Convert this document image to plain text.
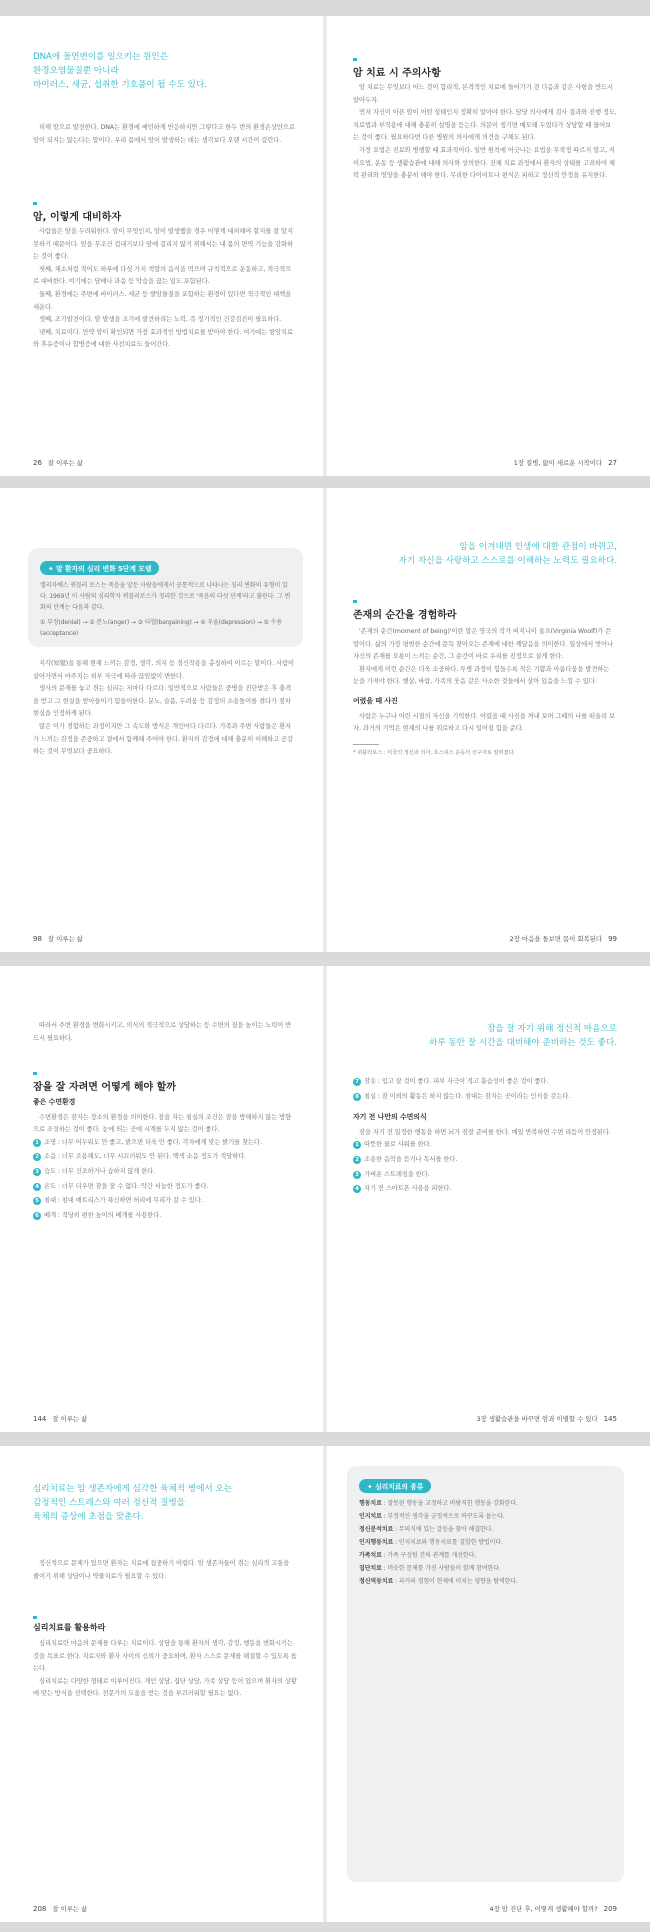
DNA에 돌연변이를 일으키는 원인은
환경오염물질뿐 아니라
바이러스, 세균, 섭취한 기호품이 될 수도 있다.

히해 암으로 발전한다. DNA는 환경에 예민하게 반응하지만 그렇다고 한두 번의 환경손상만으로 암이 되지는 않는다는 말이다. 우리 몸에서 암이 발생하는 데는 생각보다 오랜 시간이 걸린다.

암, 이렇게 대비하자

사람들은 암을 두려워한다. 암이 무엇인지, 암이 발생했을 경우 어떻게 대처해야 할지를 잘 알지 못하기 때문이다. 암을 무조건 겁내기보다 암에 걸리지 않기 위해서는 내 몸의 면역 기능을 강화하는 것이 좋다.

첫째, 채소처럼 적어도 하루에 다섯 가지 색깔의 음식을 먹으며 규칙적으로 운동하고, 적극적으로 대비한다. 여기에는 담배나 과음 등 악습을 끊는 일도 포함된다.

둘째, 환경에는 주변에 바이러스, 세균 등 발암물질을 포함하는 환경이 있다면 적극적인 대책을 세운다.

셋째, 조기발견이다. 암 발생을 조기에 발견하려는 노력, 즉 정기적인 건강검진이 필요하다.

넷째, 치료이다. 만약 암이 확인되면 가장 효과적인 방법치료를 받아야 한다. 여기에는 항암치료와 후유증이나 합병증에 대한 사전치료도 들어간다.

26 잘 이루는 삶
암 치료 시 주의사항

암 치료는 무엇보다 어느 것이 합리적, 본격적인 치료에 들어가기 전 다음과 같은 사항을 반드시 알아두자.

먼저 자신이 아픈 암이 어떤 상태인지 정확히 알아야 한다. 담당 의사에게 검사 결과와 진행 정도, 치료법과 부작용에 대해 충분히 설명을 듣는다. 의문이 생기면 메모해 두었다가 상담할 때 물어보는 것이 좋다. 필요하다면 다른 병원의 의사에게 의견을 구해도 된다.

가정 요법은 진료와 병행할 때 효과적이다. 일반 원칙에 어긋나는 요법을 무작정 따르지 말고, 식이요법, 운동 등 생활습관에 대해 의사와 상의한다. 전체 치료 과정에서 환자의 상태를 고려하여 체력 관리와 영양을 충분히 해야 한다. 무리한 다이어트나 편식은 피하고 정신적 안정을 유지한다.

1장 질병, 앎이 새로운 시작이다 27
✦ 말 환자의 심리 변화 5단계 모델
엘리자베스 퀴블러 로스는 죽음을 앞둔 사람들에게서 공통적으로 나타나는 심리 변화의 유형이 있다. 1969년 이 사람의 심리학자 퀴블러로스가 정리한 것으로 '죽음의 다섯 단계'라고 불린다. 그 변화의 단계는 다음과 같다.
① 부정(denial) → ② 분노(anger) → ③ 타협(bargaining) → ④ 우울(depression) → ⑤ 수용(acceptance)

지각(知覺)을 통해 현재 느끼는 감정, 생각, 의지 등 정신작용을 총칭하여 이르는 말이다. 사람이 살아가면서 마주치는 외부 자극에 따라 끊임없이 변한다.

생사의 문제를 놓고 겪는 심리는 저마다 다르다. 일반적으로 사람들은 중병을 진단받은 후 충격을 받고 그 현실을 받아들이기 힘들어한다. 분노, 슬픔, 두려움 등 감정의 소용돌이를 겪다가 점차 현실을 인정하게 된다.

많은 이가 경험하는 과정이지만 그 속도와 방식은 개인마다 다르다. 가족과 주변 사람들은 환자가 느끼는 감정을 존중하고 곁에서 함께해 주어야 한다. 환자의 감정에 대해 충분히 이해하고 공감하는 것이 무엇보다 중요하다.

98 잘 이루는 삶
암을 이겨내면 인생에 대한 관점이 바뀌고,
자기 자신을 사랑하고 스스로를 이해하는 노력도 필요하다.
존재의 순간을 경험하라

'존재의 순간(moment of being)'이란 말은 영국의 작가 버지니아 울프(Virginia Woolf)가 쓴 말이다. 삶의 가장 평범한 순간에 문득 찾아오는 존재에 대한 깨달음을 의미한다. 일상에서 벗어나 자신의 존재를 오롯이 느끼는 순간, 그 순간이 바로 우리를 진정으로 살게 한다.

환자에게 이런 순간은 더욱 소중하다. 투병 과정이 힘들수록 작은 기쁨과 아름다움을 발견하는 눈을 가져야 한다. 햇살, 바람, 가족의 웃음 같은 사소한 것들에서 살아 있음을 느낄 수 있다.

어렸을 때 사진

사람은 누구나 어린 시절의 자신을 기억한다. 어렸을 때 사진을 꺼내 보며 그때의 나를 떠올려 보자. 과거의 기억은 현재의 나를 위로하고 다시 일어설 힘을 준다.

* 퀴블러로스 : 미국의 정신과 의사. 호스피스 운동의 선구자로 알려졌다.
2장 마음을 돌보면 몸이 회복된다 99

따라서 주변 환경을 변화시키고, 의식의 적극적으로 상담하는 등 수면의 질을 높이는 노력이 반드시 필요하다.

잠을 잘 자려면 어떻게 해야 할까
좋은 수면환경

수면환경은 잠자는 장소의 환경을 의미한다. 잠을 자는 침실의 조건은 잠을 방해하지 않는 방향으로 조성하는 것이 좋다. 눈에 띄는 곳에 시계를 두지 않는 것이 좋다.

1 조명 : 너무 어두워도 안 좋고, 밝으면 더욱 안 좋다. 각자에게 맞는 밝기를 찾는다.
2 소음 : 너무 조용해도, 너무 시끄러워도 안 된다. 백색 소음 정도가 적당하다.
3 습도 : 너무 건조하거나 습하지 않게 한다.
4 온도 : 너무 더우면 잠을 잘 수 없다. 약간 서늘한 정도가 좋다.
5 침대 : 침대 매트리스가 푹신하면 허리에 무리가 갈 수 있다.
6 베개 : 적당히 편한 높이의 베개를 사용한다.
144 잘 이루는 삶
잠을 잘 자기 위해 정신적 마음으로
하루 동안 잘 시간을 대비해야 준비하는 것도 좋다.
7 잠옷 : 입고 잘 것이 좋다. 피부 자극이 적고 흡습성이 좋은 것이 좋다.
8 침실 : 잠 이외의 활동은 하지 않는다. 침대는 잠자는 곳이라는 인식을 갖는다.
자기 전 나만의 수면의식

잠을 자기 전 일정한 행동을 하면 뇌가 잠잘 준비를 한다. 매일 반복하면 수면 리듬이 안정된다.

1 따뜻한 물로 샤워를 한다.
2 조용한 음악을 듣거나 독서를 한다.
3 가벼운 스트레칭을 한다.
4 자기 전 스마트폰 사용을 피한다.
3장 생활습관을 바꾸면 암과 이별할 수 있다 145
심리치료는 암 생존자에게 심각한 육체적 병에서 오는
감정적인 스트레스와 여러 정신적 질병을
육체의 증상에 초점을 맞춘다.

정신적으로 문제가 있으면 환자는 치료에 집중하기 어렵다. 암 생존자들이 겪는 심리적 고통을 줄이기 위해 상담이나 약물치료가 필요할 수 있다.

심리치료를 활용하라

심리치료란 마음의 문제를 다루는 치료이다. 상담을 통해 환자의 생각, 감정, 행동을 변화시키는 것을 목표로 한다. 치료자와 환자 사이의 신뢰가 중요하며, 환자 스스로 문제를 해결할 수 있도록 돕는다.

심리치료는 다양한 형태로 이루어진다. 개인 상담, 집단 상담, 가족 상담 등이 있으며 환자의 상황에 맞는 방식을 선택한다. 전문가의 도움을 받는 것을 부끄러워할 필요는 없다.

208 잘 이루는 삶
✦ 심리치료의 종류
행동치료 : 잘못된 행동을 교정하고 바람직한 행동을 강화한다.
인지치료 : 부정적인 생각을 긍정적으로 바꾸도록 돕는다.
정신분석치료 : 무의식에 있는 갈등을 찾아 해결한다.
인지행동치료 : 인지치료와 행동치료를 결합한 방법이다.
가족치료 : 가족 구성원 간의 관계를 개선한다.
집단치료 : 비슷한 문제를 가진 사람들이 함께 참여한다.
정신역동치료 : 과거의 경험이 현재에 미치는 영향을 탐색한다.
4장 암 진단 후, 어떻게 생활해야 할까? 209
